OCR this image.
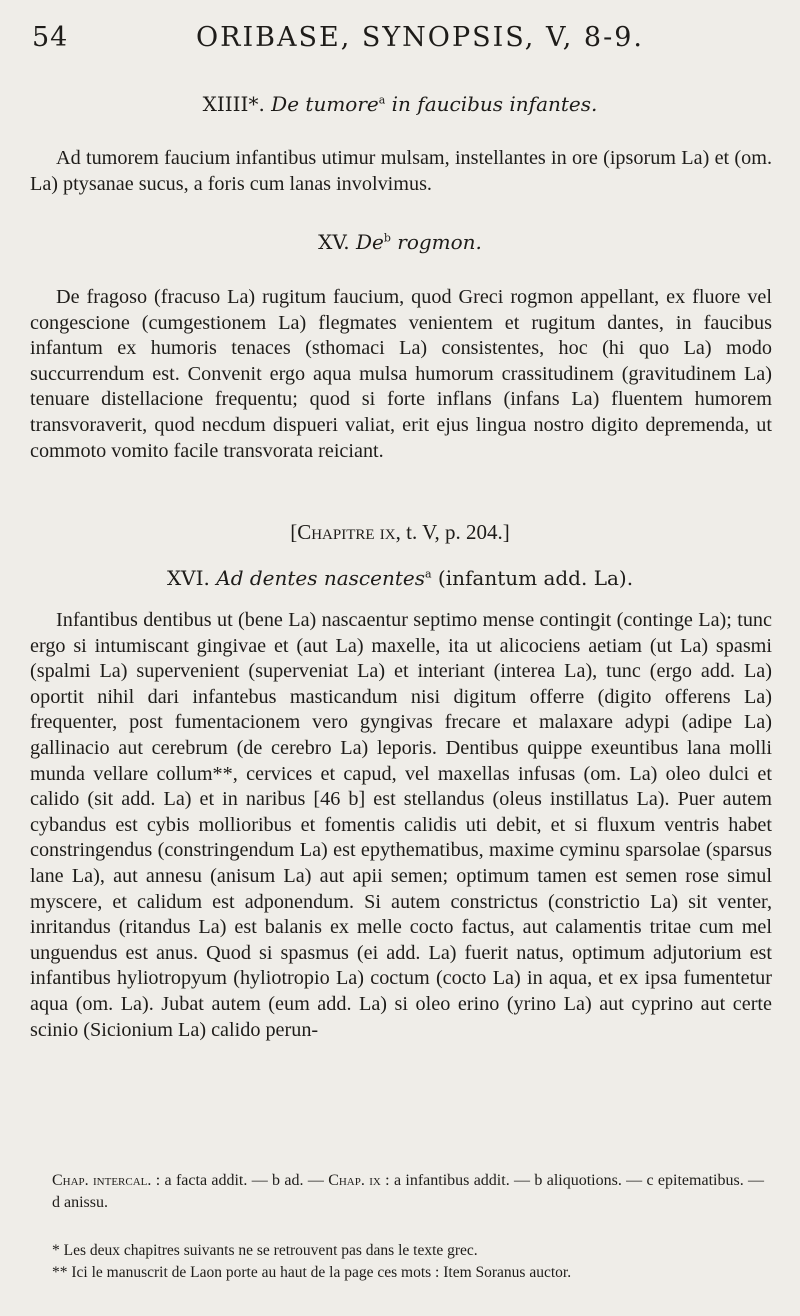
54	ORIBASE, SYNOPSIS, V, 8-9.
XIIII*. De tumore$^a$ in faucibus infantes.

Ad tumorem faucium infantibus utimur mulsam, instellantes in ore (ipsorum La) et (om. La) ptysanae sucus, a foris cum lanas involvimus.

XV. De$^b$ rogmon.

De fragoso (fracuso La) rugitum faucium, quod Greci rogmon appellant, ex fluore vel congescione (cumgestionem La) flegmates venientem et rugitum dantes, in faucibus infantum ex humoris tenaces (sthomaci La) consistentes, hoc (hi quo La) modo succurrendum est. Convenit ergo aqua mulsa humorum crassitudinem (gravitudinem La) tenuare distellacione frequentu; quod si forte inflans (infans La) fluentem humorem transvoraverit, quod necdum dispueri valiat, erit ejus lingua nostro digito depremenda, ut commoto vomito facile transvorata reiciant.

[Chapitre ix, t. V, p. 204.]
XVI. Ad dentes nascentes$^a$ (infantum add. La).

Infantibus dentibus ut (bene La) nascaentur septimo mense contingit (continge La); tunc ergo si intumiscant gingivae et (aut La) maxelle, ita ut alicociens aetiam (ut La) spasmi (spalmi La) supervenient (superveniat La) et interiant (interea La), tunc (ergo add. La) oportit nihil dari infantebus masticandum nisi digitum offerre (digito offerens La) frequenter, post fumentacionem vero gyngivas frecare et malaxare adypi (adipe La) gallinacio aut cerebrum (de cerebro La) leporis. Dentibus quippe exeuntibus lana molli munda vellare collum**, cervices et capud, vel maxellas infusas (om. La) oleo dulci et calido (sit add. La) et in naribus [46 b] est stellandus (oleus instillatus La). Puer autem cybandus est cybis mollioribus et fomentis calidis uti debit, et si fluxum ventris habet constringendus (constringendum La) est epythematibus, maxime cyminu sparsolae (sparsus lane La), aut annesu (anisum La) aut apii semen; optimum tamen est semen rose simul myscere, et calidum est adponendum. Si autem constrictus (constrictio La) sit venter, inritandus (ritandus La) est balanis ex melle cocto factus, aut calamentis tritae cum mel unguendus est anus. Quod si spasmus (ei add. La) fuerit natus, optimum adjutorium est infantibus hyliotropyum (hyliotropio La) coctum (cocto La) in aqua, et ex ipsa fumentetur aqua (om. La). Jubat autem (eum add. La) si oleo erino (yrino La) aut cyprino aut certe scinio (Sicionium La) calido perun-

Chap. intercal. : a facta addit. — b ad. — Chap. ix : a infantibus addit. — b aliquotions. — c epitematibus. — d anissu.
* Les deux chapitres suivants ne se retrouvent pas dans le texte grec.
** Ici le manuscrit de Laon porte au haut de la page ces mots : Item Soranus auctor.
